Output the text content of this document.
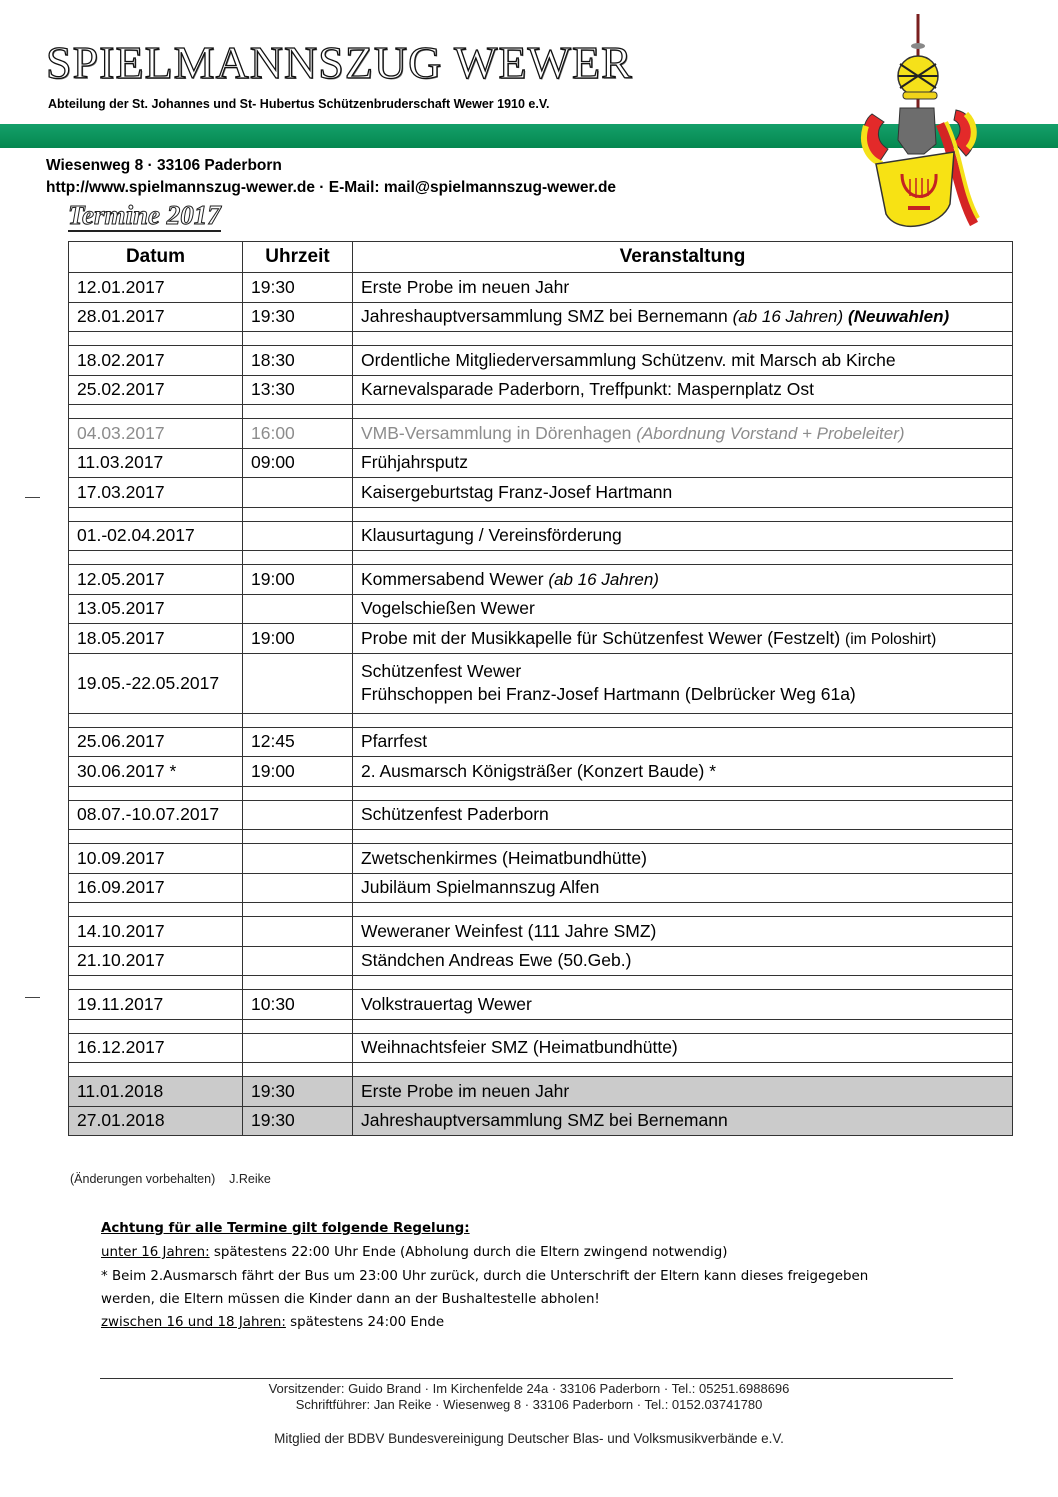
SPIELMANNSZUG WEWER
Abteilung der St. Johannes und St- Hubertus Schützenbruderschaft Wewer 1910 e.V.
Wiesenweg 8 · 33106 Paderborn
http://www.spielmannszug-wewer.de · E-Mail: mail@spielmannszug-wewer.de
Termine 2017
Datum	Uhrzeit	Veranstaltung
12.01.2017	19:30	Erste Probe im neuen Jahr
28.01.2017	19:30	Jahreshauptversammlung SMZ bei Bernemann (ab 16 Jahren) (Neuwahlen)

18.02.2017	18:30	Ordentliche Mitgliederversammlung Schützenv. mit Marsch ab Kirche
25.02.2017	13:30	Karnevalsparade Paderborn, Treffpunkt: Maspernplatz Ost

04.03.2017	16:00	VMB-Versammlung in Dörenhagen (Abordnung Vorstand + Probeleiter)
11.03.2017	09:00	Frühjahrsputz
17.03.2017		Kaisergeburtstag Franz-Josef Hartmann

01.-02.04.2017		Klausurtagung / Vereinsförderung

12.05.2017	19:00	Kommersabend Wewer (ab 16 Jahren)
13.05.2017		Vogelschießen Wewer
18.05.2017	19:00	Probe mit der Musikkapelle für Schützenfest Wewer (Festzelt) (im Poloshirt)
19.05.-22.05.2017		Schützenfest Wewer
Frühschoppen bei Franz-Josef Hartmann (Delbrücker Weg 61a)

25.06.2017	12:45	Pfarrfest
30.06.2017 *	19:00	2. Ausmarsch Königsträßer (Konzert Baude) *

08.07.-10.07.2017		Schützenfest Paderborn

10.09.2017		Zwetschenkirmes (Heimatbundhütte)
16.09.2017		Jubiläum Spielmannszug Alfen

14.10.2017		Weweraner Weinfest (111 Jahre SMZ)
21.10.2017		Ständchen Andreas Ewe (50.Geb.)

19.11.2017	10:30	Volkstrauertag Wewer

16.12.2017		Weihnachtsfeier SMZ (Heimatbundhütte)

11.01.2018	19:30	Erste Probe im neuen Jahr
27.01.2018	19:30	Jahreshauptversammlung SMZ bei Bernemann
(Änderungen vorbehalten)    J.Reike

Achtung für alle Termine gilt folgende Regelung:

unter 16 Jahren: spätestens 22:00 Uhr Ende (Abholung durch die Eltern zwingend notwendig)

* Beim 2.Ausmarsch fährt der Bus um 23:00 Uhr zurück, durch die Unterschrift der Eltern kann dieses freigegeben

werden, die Eltern müssen die Kinder dann an der Bushaltestelle abholen!

zwischen 16 und 18 Jahren: spätestens 24:00 Ende

Vorsitzender: Guido Brand · Im Kirchenfelde 24a · 33106 Paderborn · Tel.: 05251.6988696
Schriftführer: Jan Reike · Wiesenweg 8 · 33106 Paderborn · Tel.: 0152.03741780
Mitglied der BDBV Bundesvereinigung Deutscher Blas- und Volksmusikverbände e.V.
